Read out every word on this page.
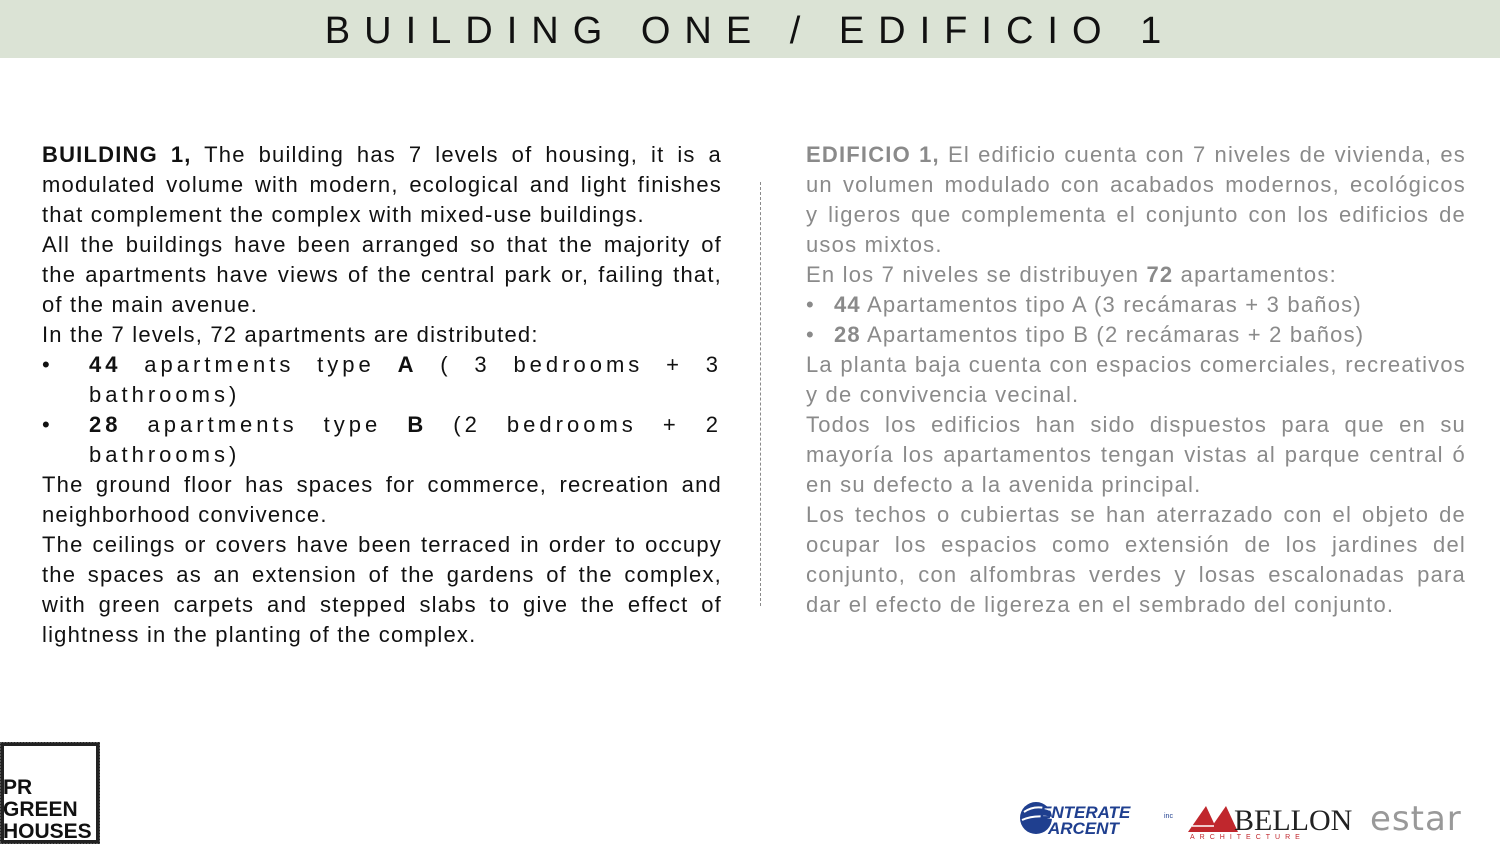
BUILDING ONE / EDIFICIO 1

BUILDING 1, The building has 7 levels of housing, it is a modulated volume with modern, ecological and light finishes that complement the complex with mixed-use buildings.

All the buildings have been arranged so that the majority of the apartments have views of the central park or, failing that, of the main avenue.

In the 7 levels, 72 apartments are distributed:

• 44 apartments type A ( 3 bedrooms + 3 bathrooms)
• 28 apartments type B (2 bedrooms + 2 bathrooms)

The ground floor has spaces for commerce, recreation and neighborhood convivence.

The ceilings or covers have been terraced in order to occupy the spaces as an extension of the gardens of the complex, with green carpets and stepped slabs to give the effect of lightness in the planting of the complex.

EDIFICIO 1, El edificio cuenta con 7 niveles de vivienda, es un volumen modulado con acabados modernos, ecológicos y ligeros que complementa el conjunto con los edificios de usos mixtos.

En los 7 niveles se distribuyen 72 apartamentos:

• 44 Apartamentos tipo A (3 recámaras + 3 baños)
• 28 Apartamentos tipo B (2 recámaras + 2 baños)

La planta baja cuenta con espacios comerciales, recreativos y de convivencia vecinal.

Todos los edificios han sido dispuestos para que en su mayoría los apartamentos tengan vistas al parque central ó en su defecto a la avenida principal.

Los techos o cubiertas se han aterrazado con el objeto de ocupar los espacios como extensión de los jardines del conjunto, con alfombras verdes y losas escalonadas para dar el efecto de ligereza en el sembrado del conjunto.

PR
GREEN
HOUSES
ENTERATE
ARCENT
inc BELLON
ARCHITECTURE estar
